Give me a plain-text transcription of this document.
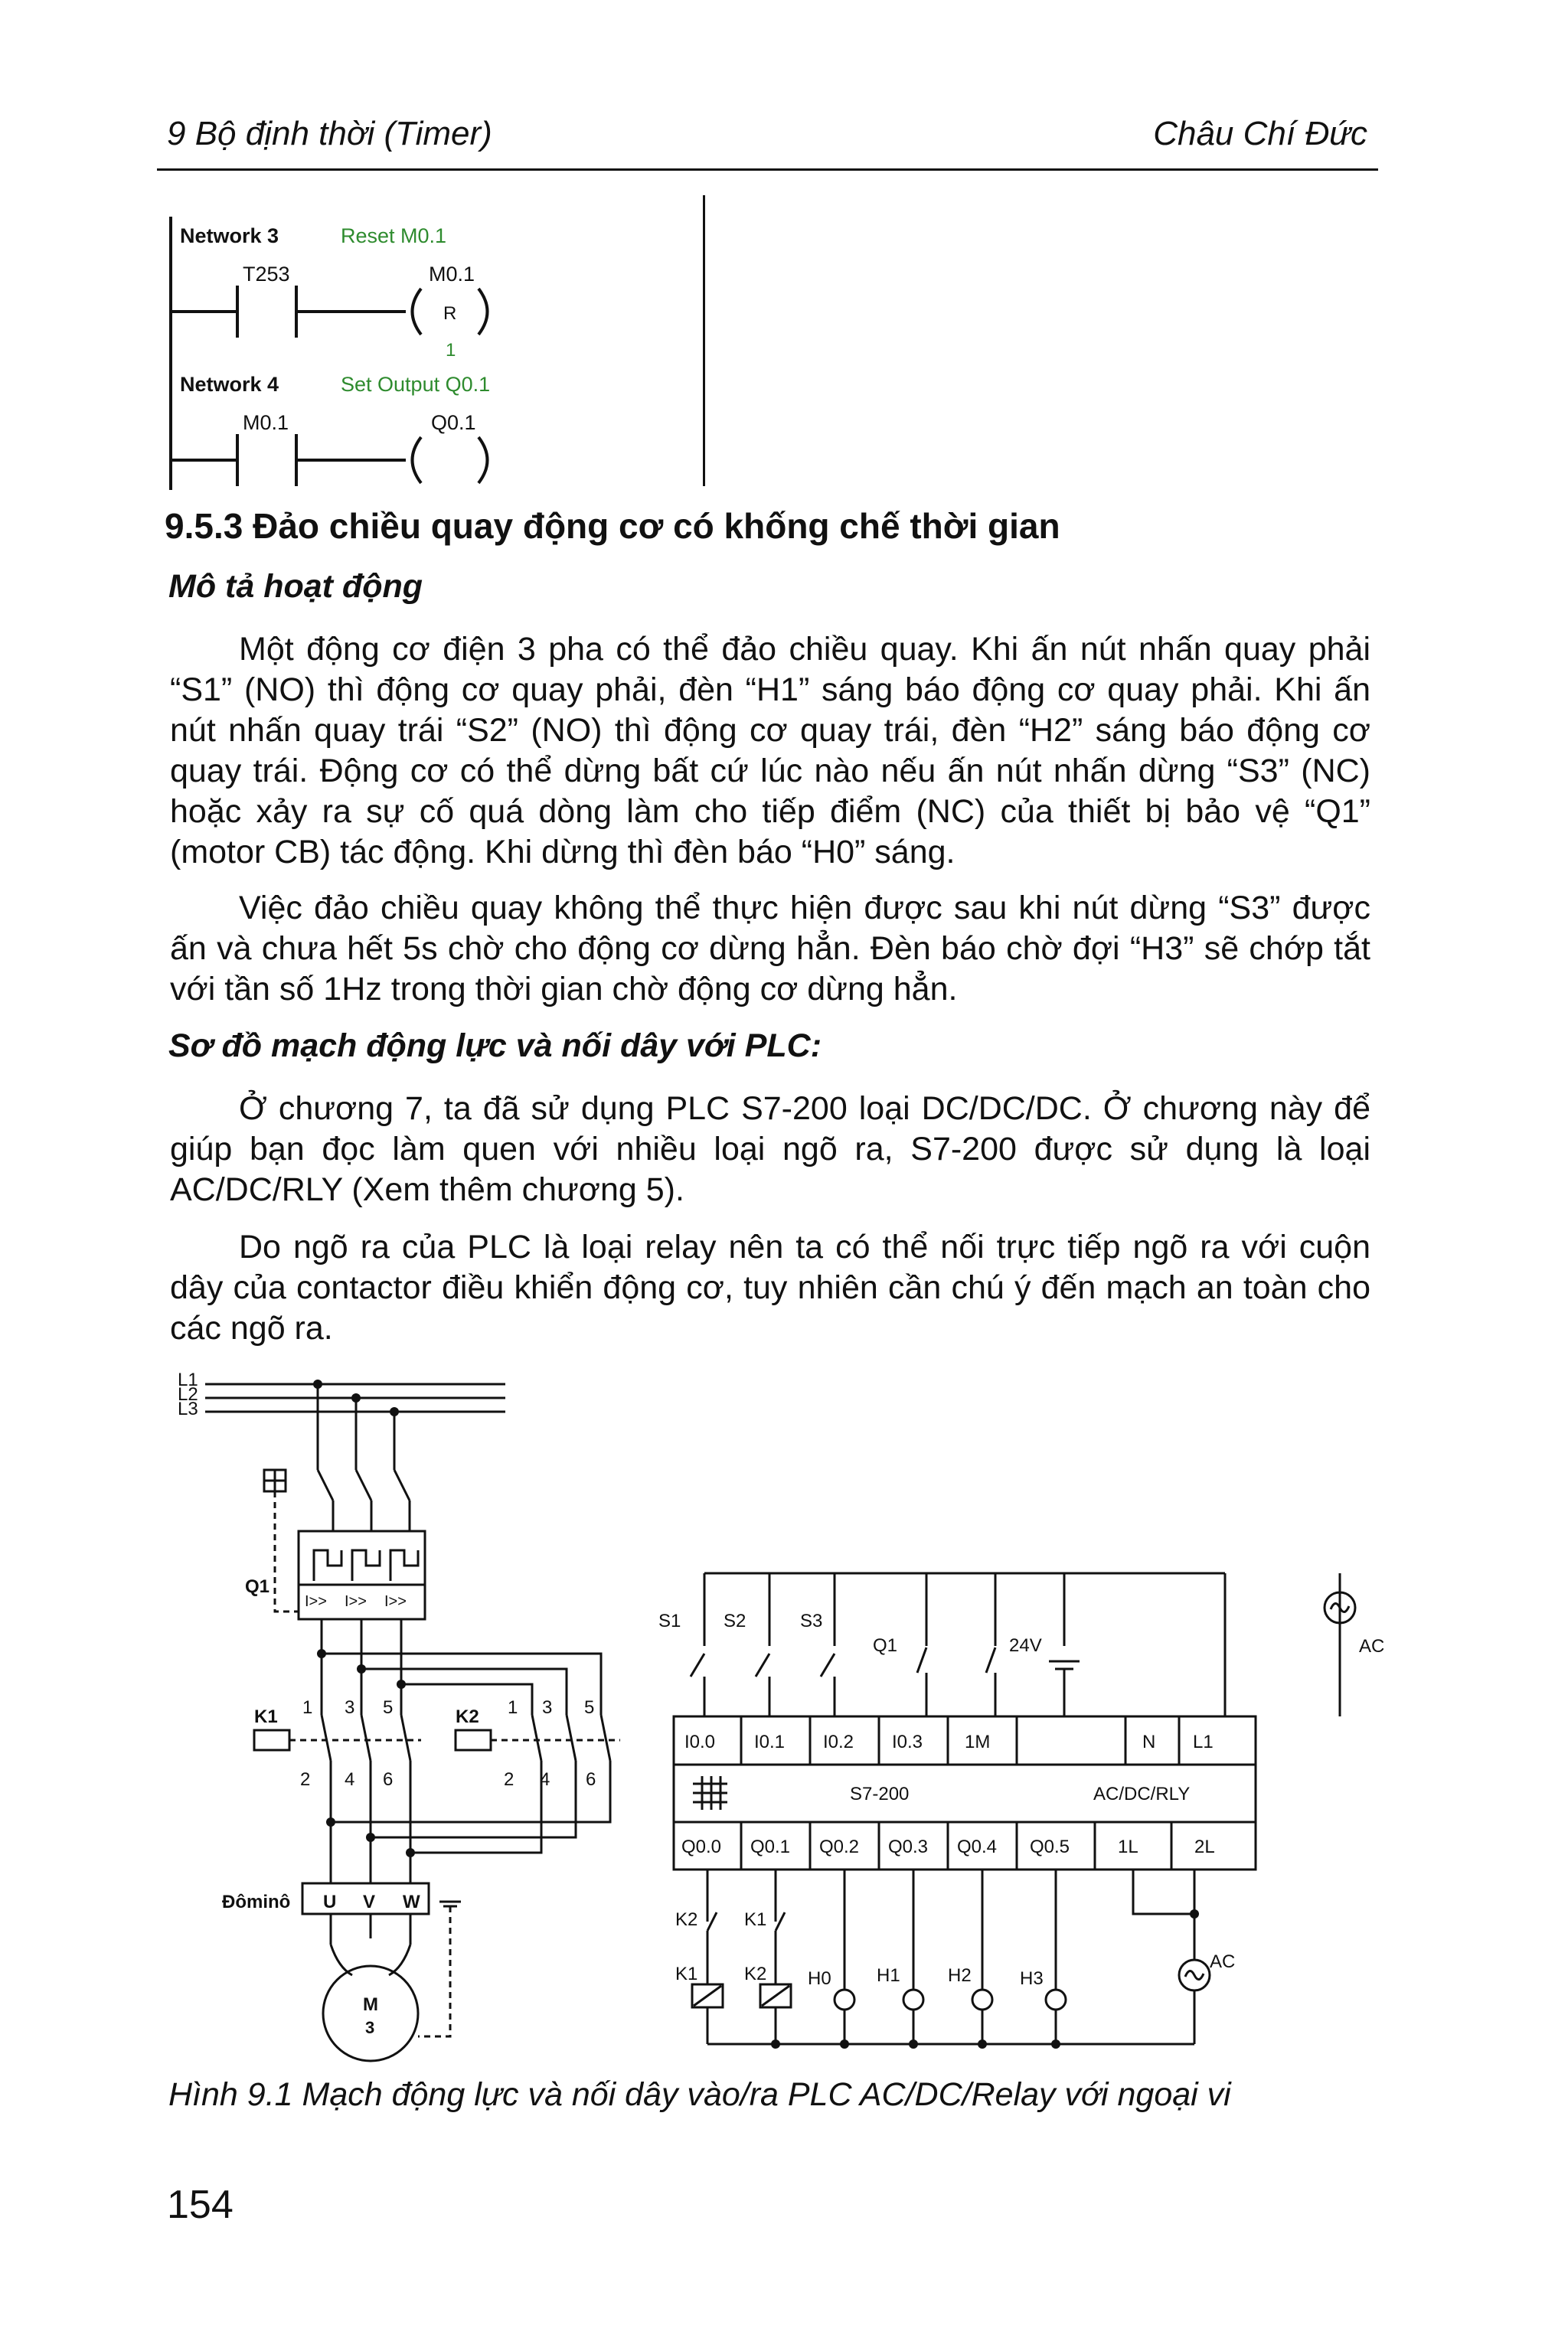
9 Bộ định thời (Timer)	Châu Chí Đức
Network 3	Reset M0.1
T253	M0.1
R
1
Network 4	Set Output Q0.1
M0.1	Q0.1
9.5.3 Đảo chiều quay động cơ có khống chế thời gian
Mô tả hoạt động

Một động cơ điện 3 pha có thể đảo chiều quay. Khi ấn nút nhấn quay phải “S1” (NO) thì động cơ quay phải, đèn “H1” sáng báo động cơ quay phải. Khi ấn nút nhấn quay trái “S2” (NO) thì động cơ quay trái, đèn “H2” sáng báo động cơ quay trái. Động cơ có thể dừng bất cứ lúc nào nếu ấn nút nhấn dừng “S3” (NC) hoặc xảy ra sự cố quá dòng làm cho tiếp điểm (NC) của thiết bị bảo vệ “Q1” (motor CB) tác động. Khi dừng thì đèn báo “H0” sáng.

Việc đảo chiều quay không thể thực hiện được sau khi nút dừng “S3” được ấn và chưa hết 5s chờ cho động cơ dừng hẳn. Đèn báo chờ đợi “H3” sẽ chớp tắt với tần số 1Hz trong thời gian chờ động cơ dừng hẳn.

Sơ đồ mạch động lực và nối dây với PLC:

Ở chương 7, ta đã sử dụng PLC S7-200 loại DC/DC/DC. Ở chương này để giúp bạn đọc làm quen với nhiều loại ngõ ra, S7-200 được sử dụng là loại AC/DC/RLY (Xem thêm chương 5).

Do ngõ ra của PLC là loại relay nên ta có thể nối trực tiếp ngõ ra với cuộn dây của contactor điều khiển động cơ, tuy nhiên cần chú ý đến mạch an toàn cho các ngõ ra.

L1
L2
L3
Q1
I>> I>> I>>
K1	K2
1 3 5
2 4 6
1 3 5
2 4 6
Đôminô U V W
M
3
S1 S2	S3
Q1	24V	AC
AC
I0.0 I0.1 I0.2 I0.3 1M	N L1
S7-200	AC/DC/RLY
Q0.0 Q0.1 Q0.2 Q0.3 Q0.4 Q0.5	1L	2L
K2	K1
K1	K2 H0 H1	H2	H3
Hình 9.1 Mạch động lực và nối dây vào/ra PLC AC/DC/Relay với ngoại vi
154
